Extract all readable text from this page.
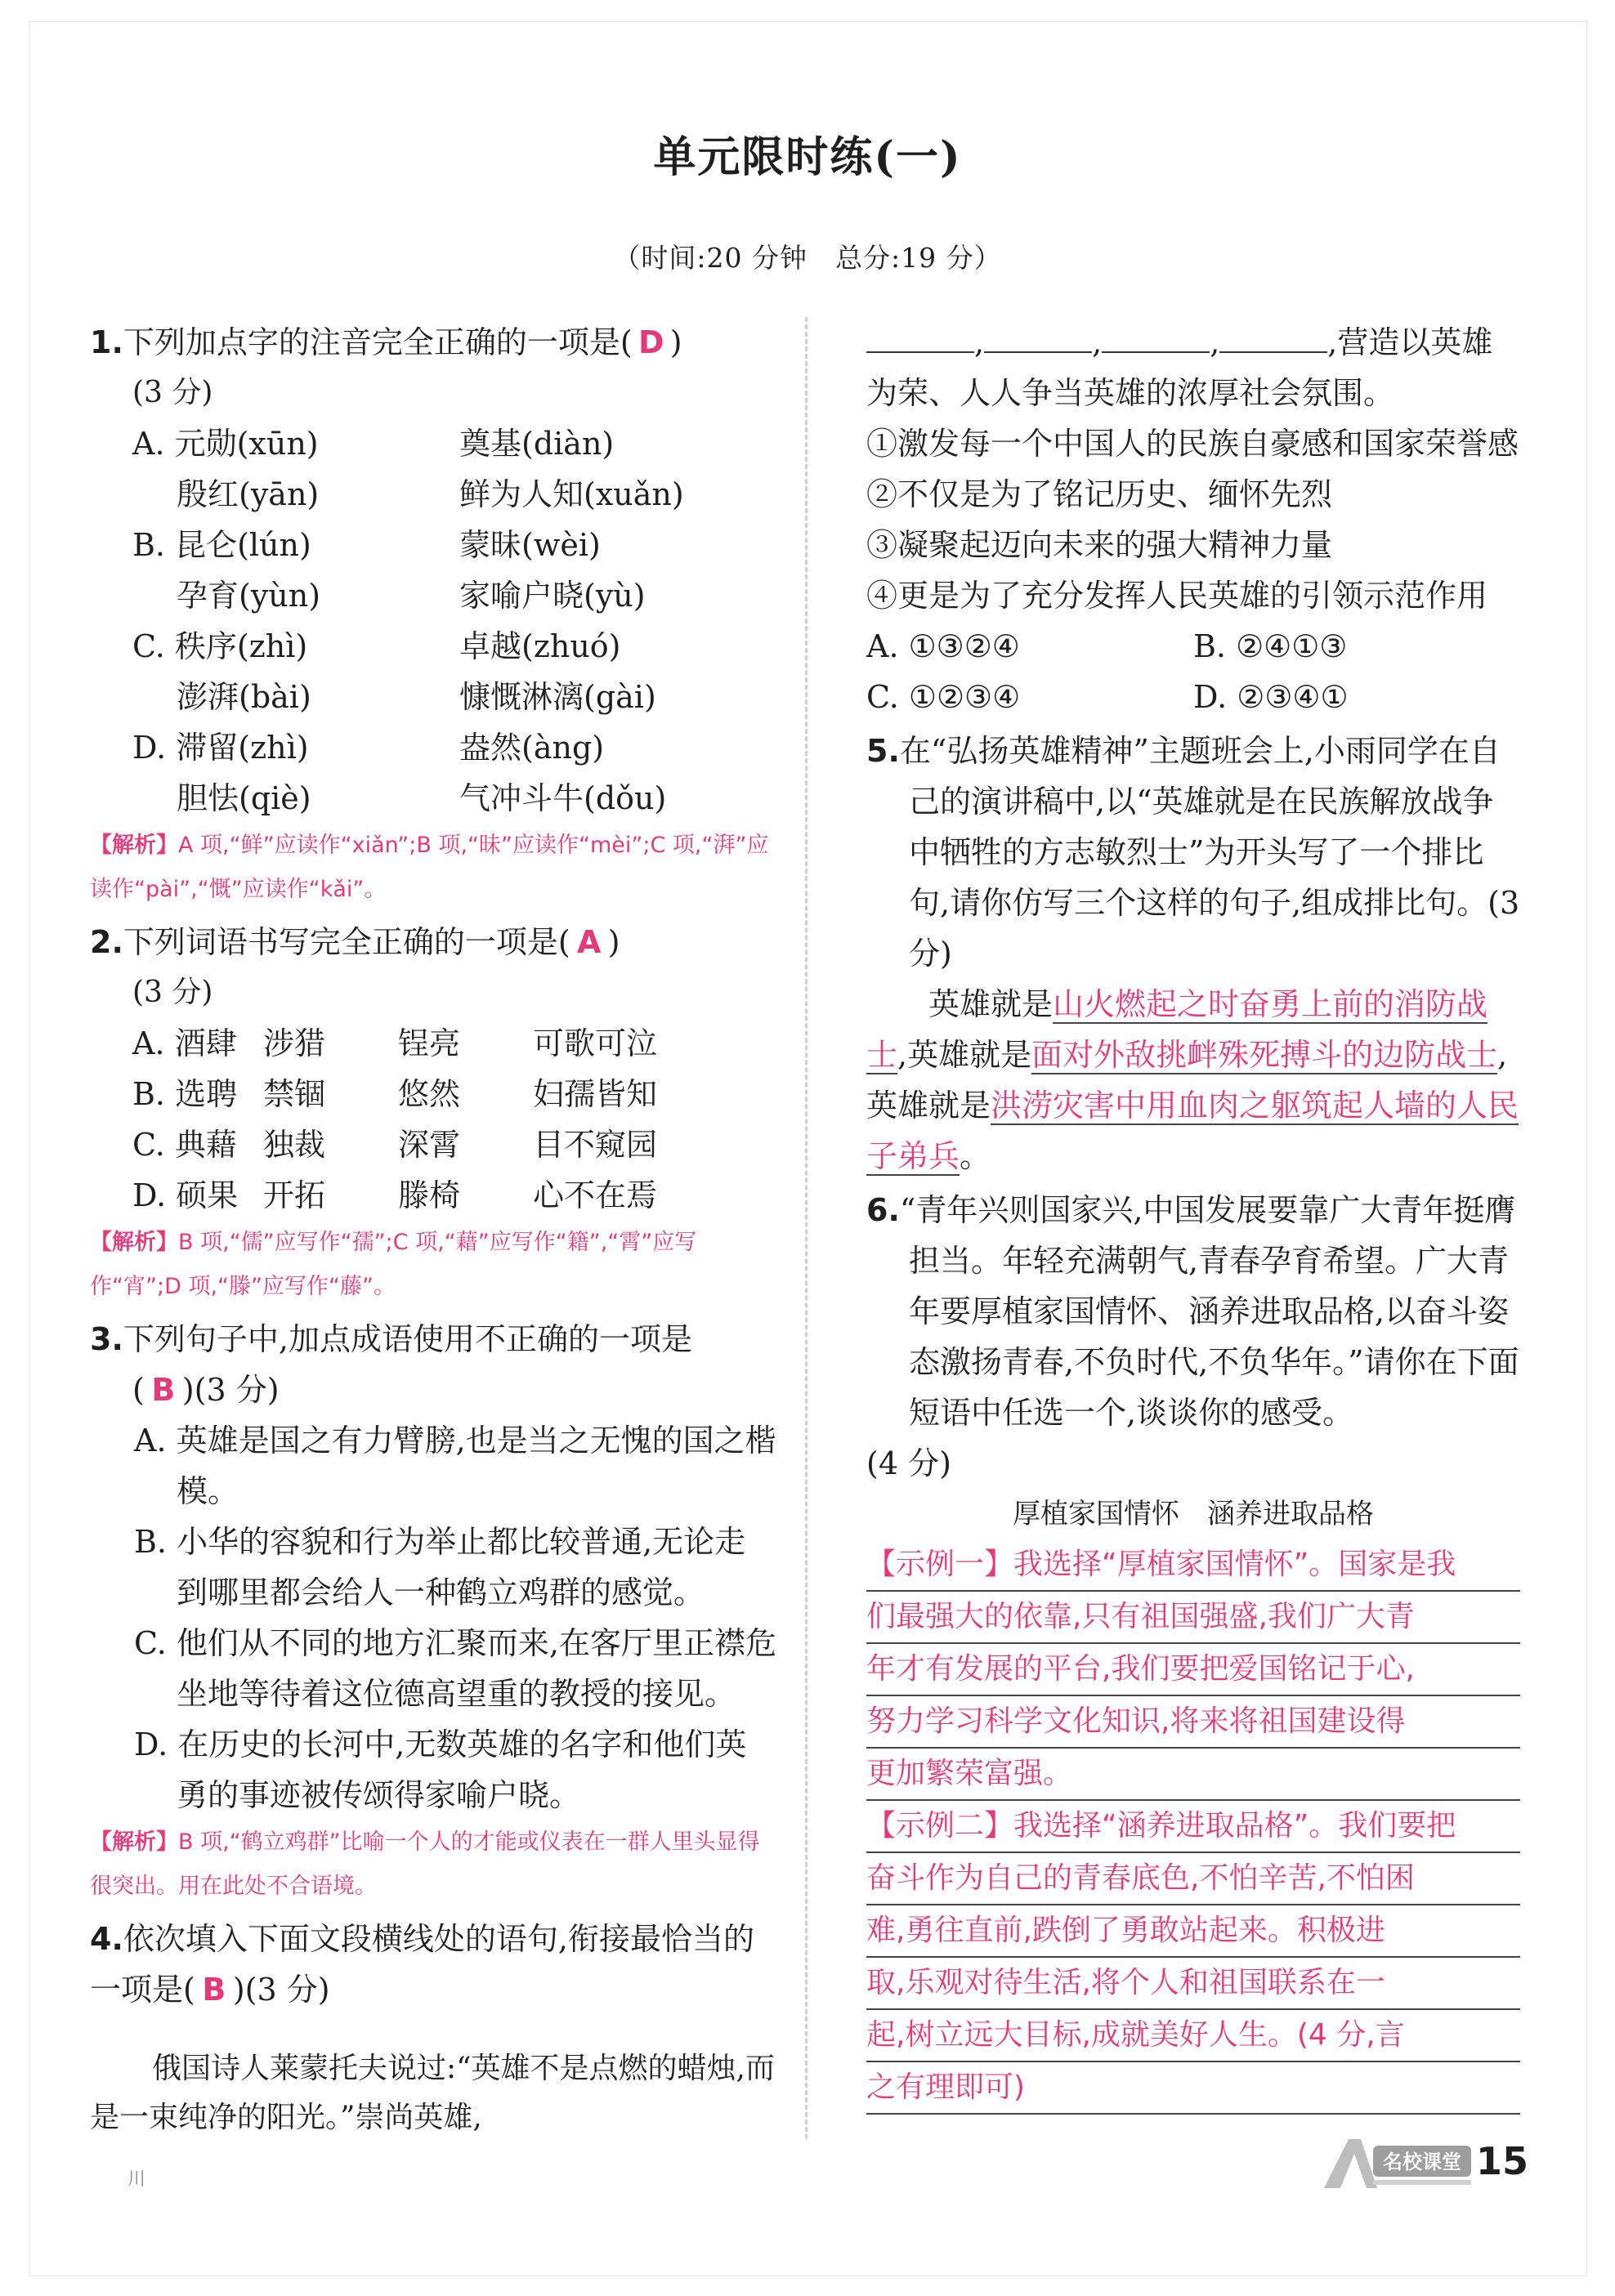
单元限时练(一)
（时间:20 分钟　总分:19 分）

1.下列加点字的注音完全正确的一项是( D )

(3 分)
A. 元勋(xūn)	奠基(diàn)
殷红(yān)	鲜为人知(xuǎn)
B. 昆仑(lún)	蒙昧(wèi)
孕育(yùn)	家喻户晓(yù)
C. 秩序(zhì)	卓越(zhuó)
澎湃(bài)	慷慨淋漓(gài)
D. 滞留(zhì)	盎然(àng)
胆怯(qiè)	气冲斗牛(dǒu)
【解析】A 项,“鲜”应读作“xiǎn”;B 项,“昧”应读作“mèi”;C 项,“湃”应读作“pài”,“慨”应读作“kǎi”。

2.下列词语书写完全正确的一项是( A )

(3 分)
A. 酒肆 涉猎	锃亮	可歌可泣
B. 选聘 禁锢	悠然	妇孺皆知
C. 典藉 独裁	深霄	目不窥园
D. 硕果 开拓	滕椅	心不在焉
【解析】B 项,“儒”应写作“孺”;C 项,“藉”应写作“籍”,“霄”应写作“宵”;D 项,“滕”应写作“藤”。

3.下列句子中,加点成语使用不正确的一项是

( B )(3 分)

A. 英雄是国之有力臂膀,也是当之无愧的国之楷模。

B. 小华的容貌和行为举止都比较普通,无论走到哪里都会给人一种鹤立鸡群的感觉。

C. 他们从不同的地方汇聚而来,在客厅里正襟危坐地等待着这位德高望重的教授的接见。

D. 在历史的长河中,无数英雄的名字和他们英勇的事迹被传颂得家喻户晓。

【解析】B 项,“鹤立鸡群”比喻一个人的才能或仪表在一群人里头显得很突出。用在此处不合语境。

4.依次填入下面文段横线处的语句,衔接最恰当的一项是( B )(3 分)

俄国诗人莱蒙托夫说过:“英雄不是点燃的蜡烛,而是一束纯净的阳光。”崇尚英雄,

,	,	,	,营造以英雄为荣、人人争当英雄的浓厚社会氛围。

①激发每一个中国人的民族自豪感和国家荣誉感

②不仅是为了铭记历史、缅怀先烈

③凝聚起迈向未来的强大精神力量

④更是为了充分发挥人民英雄的引领示范作用

A. ①③②④	B. ②④①③
C. ①②③④	D. ②③④①

5.在“弘扬英雄精神”主题班会上,小雨同学在自己的演讲稿中,以“英雄就是在民族解放战争中牺牲的方志敏烈士”为开头写了一个排比句,请你仿写三个这样的句子,组成排比句。(3 分)

英雄就是山火燃起之时奋勇上前的消防战士,英雄就是面对外敌挑衅殊死搏斗的边防战士,英雄就是洪涝灾害中用血肉之躯筑起人墙的人民子弟兵。

6.“青年兴则国家兴,中国发展要靠广大青年挺膺担当。年轻充满朝气,青春孕育希望。广大青年要厚植家国情怀、涵养进取品格,以奋斗姿态激扬青春,不负时代,不负华年。”请你在下面短语中任选一个,谈谈你的感受。

(4 分)
厚植家国情怀　涵养进取品格
【示例一】我选择“厚植家国情怀”。国家是我
们最强大的依靠,只有祖国强盛,我们广大青
年才有发展的平台,我们要把爱国铭记于心,
努力学习科学文化知识,将来将祖国建设得
更加繁荣富强。
【示例二】我选择“涵养进取品格”。我们要把
奋斗作为自己的青春底色,不怕辛苦,不怕困
难,勇往直前,跌倒了勇敢站起来。积极进
取,乐观对待生活,将个人和祖国联系在一
起,树立远大目标,成就美好人生。(4 分,言
之有理即可)
川
名校课堂 15
